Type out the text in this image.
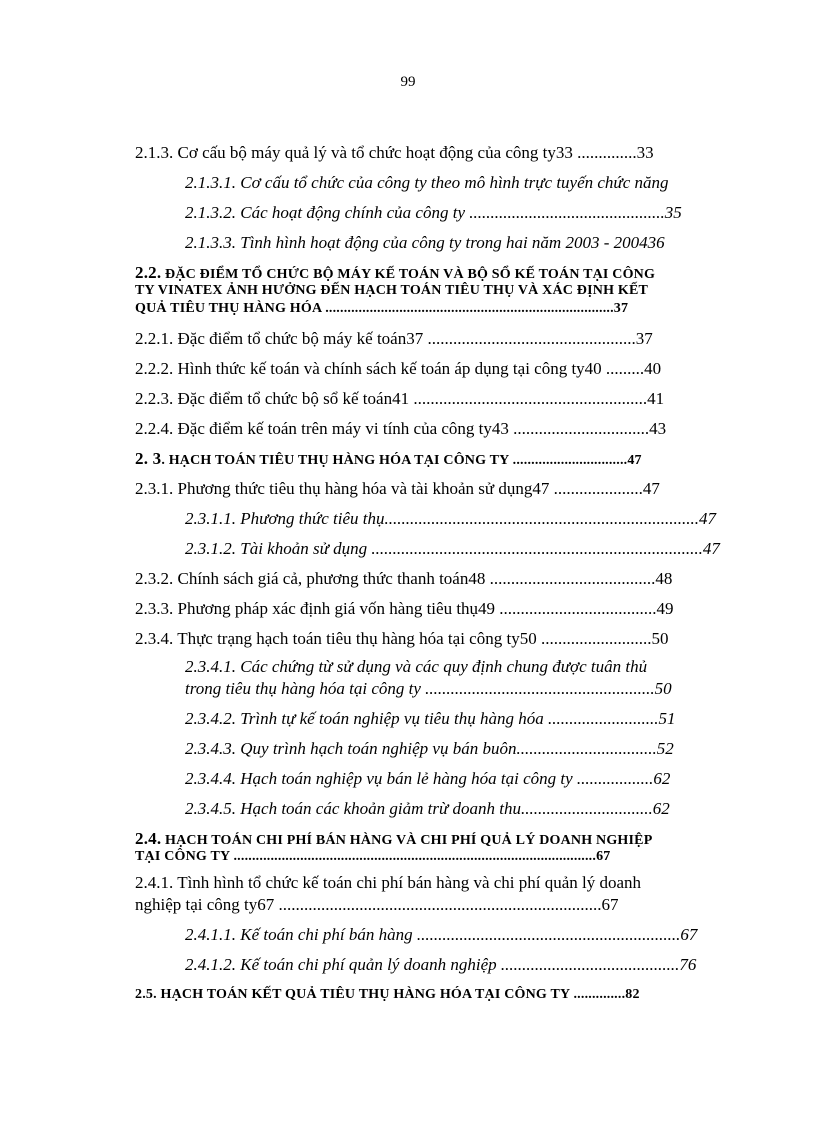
99
2.1.3. Cơ cấu bộ máy quả lý và tổ chức hoạt động của công ty33 ..............33
2.1.3.1. Cơ cấu tổ chức của công ty theo mô hình trực tuyến chức năng
2.1.3.2. Các hoạt động chính của công ty ..............................................35
2.1.3.3. Tình hình hoạt động của công ty trong hai năm 2003 - 200436
2.2. ĐẶC ĐIỂM TỔ CHỨC BỘ MÁY KẾ TOÁN VÀ BỘ SỔ KẾ TOÁN TẠI CÔNG
TY VINATEX ẢNH HƯỞNG ĐẾN HẠCH TOÁN TIÊU THỤ VÀ XÁC ĐỊNH KẾT
QUẢ TIÊU THỤ HÀNG HÓA ..............................................................................37
2.2.1. Đặc điểm tổ chức bộ máy kế toán37 .................................................37
2.2.2. Hình thức kế toán và chính sách kế toán áp dụng tại công ty40 .........40
2.2.3. Đặc điểm tổ chức bộ sổ kế toán41 .......................................................41
2.2.4. Đặc điểm kế toán trên máy vi tính của công ty43 ................................43
2. 3. HẠCH TOÁN TIÊU THỤ HÀNG HÓA TẠI CÔNG TY ...............................47
2.3.1. Phương thức tiêu thụ hàng hóa và tài khoản sử dụng47 .....................47
2.3.1.1. Phương thức tiêu thụ..........................................................................47
2.3.1.2. Tài khoản sử dụng ..............................................................................47
2.3.2. Chính sách giá cả, phương thức thanh toán48 .......................................48
2.3.3. Phương pháp xác định giá vốn hàng tiêu thụ49 .....................................49
2.3.4. Thực trạng hạch toán tiêu thụ hàng hóa tại công ty50 ..........................50
2.3.4.1. Các chứng từ sử dụng và các quy định chung được tuân thủ
trong tiêu thụ hàng hóa tại công ty ......................................................50
2.3.4.2. Trình tự kế toán nghiệp vụ tiêu thụ hàng hóa ..........................51
2.3.4.3. Quy trình hạch toán nghiệp vụ bán buôn.................................52
2.3.4.4. Hạch toán nghiệp vụ bán lẻ hàng hóa tại công ty ..................62
2.3.4.5. Hạch toán các khoản giảm trừ doanh thu...............................62
2.4. HẠCH TOÁN CHI PHÍ BÁN HÀNG VÀ CHI PHÍ QUẢ LÝ DOANH NGHIỆP
TẠI CÔNG TY ..................................................................................................67
2.4.1. Tình hình tổ chức kế toán chi phí bán hàng và chi phí quản lý doanh
nghiệp tại công ty67 ............................................................................67
2.4.1.1. Kế toán chi phí bán hàng ..............................................................67
2.4.1.2. Kế toán chi phí quản lý doanh nghiệp ..........................................76
2.5. HẠCH TOÁN KẾT QUẢ TIÊU THỤ HÀNG HÓA TẠI CÔNG TY ..............82
